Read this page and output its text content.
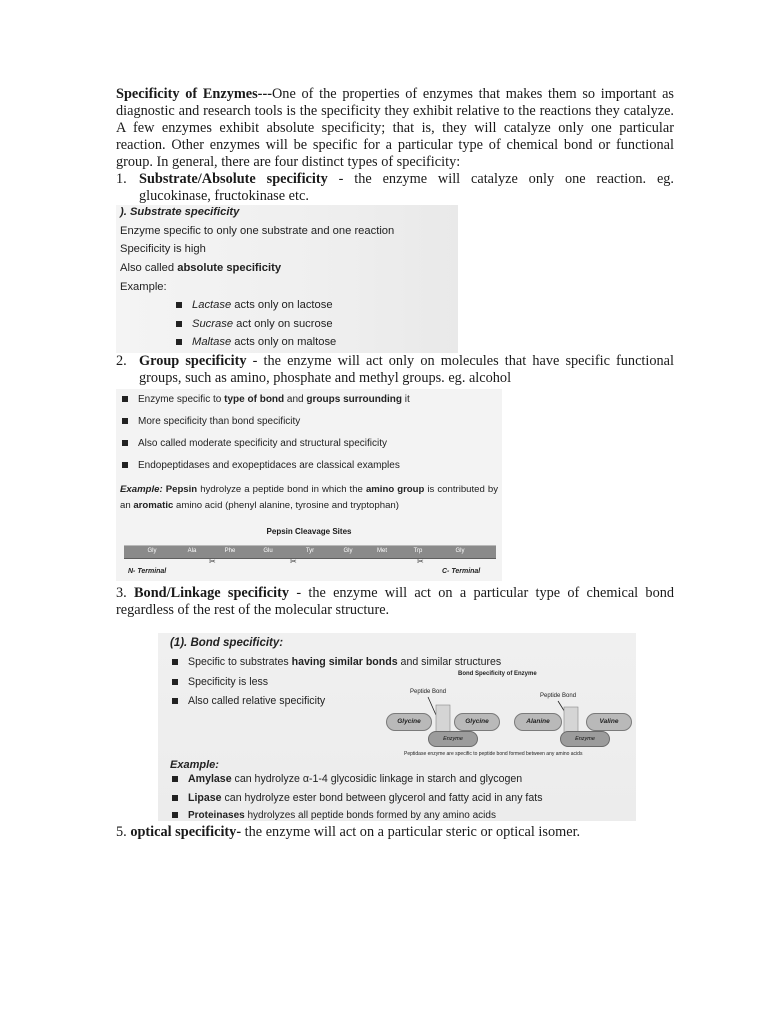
Specificity of Enzymes---One of the properties of enzymes that makes them so important as diagnostic and research tools is the specificity they exhibit relative to the reactions they catalyze. A few enzymes exhibit absolute specificity; that is, they will catalyze only one particular reaction. Other enzymes will be specific for a particular type of chemical bond or functional group. In general, there are four distinct types of specificity:

1. Substrate/Absolute specificity - the enzyme will catalyze only one reaction. eg. glucokinase, fructokinase etc.
). Substrate specificity
Enzyme specific to only one substrate and one reaction
Specificity is high
Also called absolute specificity
Example:
Lactase acts only on lactose
Sucrase act only on sucrose
Maltase acts only on maltose
2. Group specificity - the enzyme will act only on molecules that have specific functional groups, such as amino, phosphate and methyl groups. eg. alcohol
Enzyme specific to type of bond and groups surrounding it
More specificity than bond specificity
Also called moderate specificity and structural specificity
Endopeptidases and exopeptidaces are classical examples
Example: Pepsin hydrolyze a peptide bond in which the amino group is contributed by an aromatic amino acid (phenyl alanine, tyrosine and tryptophan)
Pepsin Cleavage Sites
Gly	Ala	Phe	Glu	Tyr	Gly	Met	Trp	Gly
✂	✂	✂
N- Terminal	C- Terminal
3. Bond/Linkage specificity - the enzyme will act on a particular type of chemical bond regardless of the rest of the molecular structure.
(1). Bond specificity:
Specific to substrates having similar bonds and similar structures
Specificity is less
Also called relative specificity
Bond Specificity of Enzyme
Peptide Bond
Peptide Bond
Glycine	Glycine
Enzyme
Alanine	Valine
Enzyme
Peptidase enzyme are specific to peptide bond formed between any amino acids
Example:
Amylase can hydrolyze α-1-4 glycosidic linkage in starch and glycogen
Lipase can hydrolyze ester bond between glycerol and fatty acid in any fats
Proteinases hydrolyzes all peptide bonds formed by any amino acids
5. optical specificity- the enzyme will act on a particular steric or optical isomer.
